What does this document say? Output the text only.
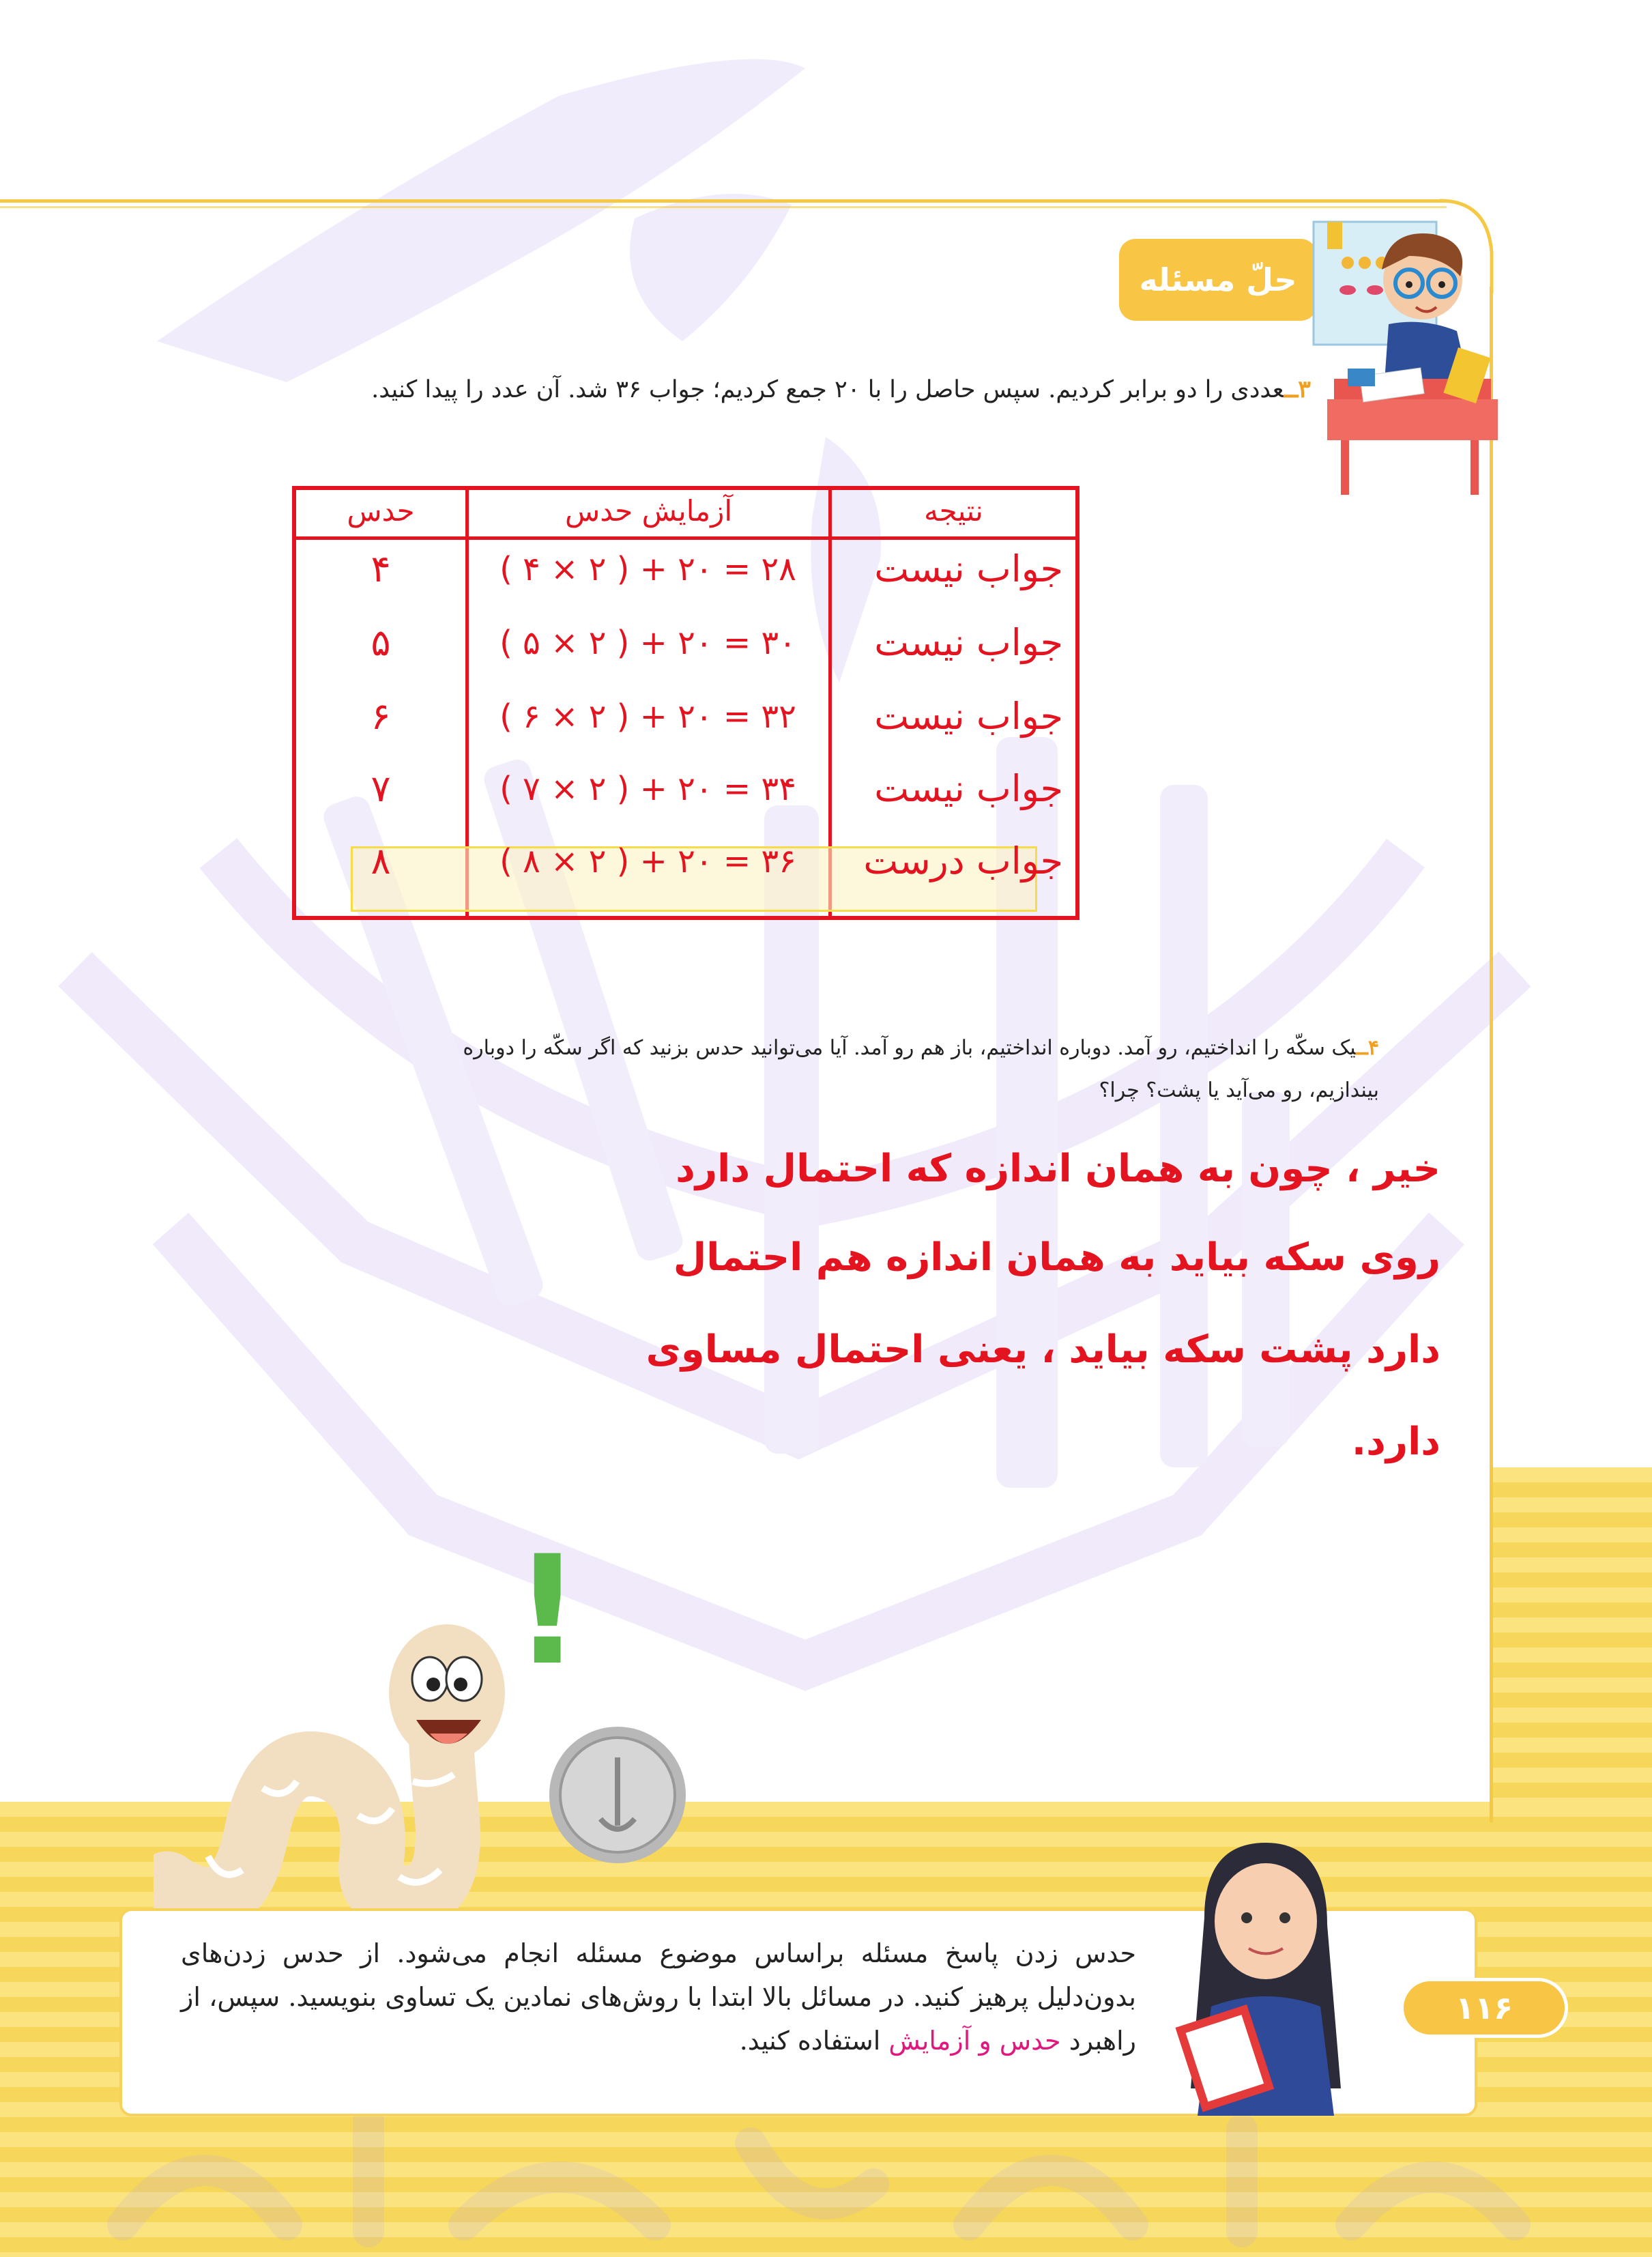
حلّ مسئله
۳ــعددی را دو برابر کردیم. سپس حاصل را با ۲۰ جمع کردیم؛ جواب ۳۶ شد. آن عدد را پیدا کنید.
حدس	آزمایش حدس	نتیجه
۴	( ۴ × ۲ ) + ۲۰ = ۲۸	جواب نیست
۵	( ۵ × ۲ ) + ۲۰ = ۳۰	جواب نیست
۶	( ۶ × ۲ ) + ۲۰ = ۳۲	جواب نیست
۷	( ۷ × ۲ ) + ۲۰ = ۳۴	جواب نیست
۸	( ۸ × ۲ ) + ۲۰ = ۳۶	جواب درست
۴ــیک سکّه را انداختیم، رو آمد. دوباره انداختیم، باز هم رو آمد. آیا می‌توانید حدس بزنید که اگر سکّه را دوباره
بیندازیم، رو می‌آید یا پشت؟ چرا؟
خیر ، چون به همان اندازه که احتمال دارد
روی سکه بیاید به همان اندازه هم احتمال
دارد پشت سکه بیاید ، یعنی احتمال مساوی
دارد.
!
حدس زدن پاسخ مسئله براساس موضوع مسئله انجام می‌شود. از حدس زدن‌های بدون‌دلیل پرهیز کنید. در مسائل بالا ابتدا با روش‌های نمادین یک تساوی بنویسید. سپس، از راهبرد حدس و آزمایش استفاده کنید.
۱۱۶
